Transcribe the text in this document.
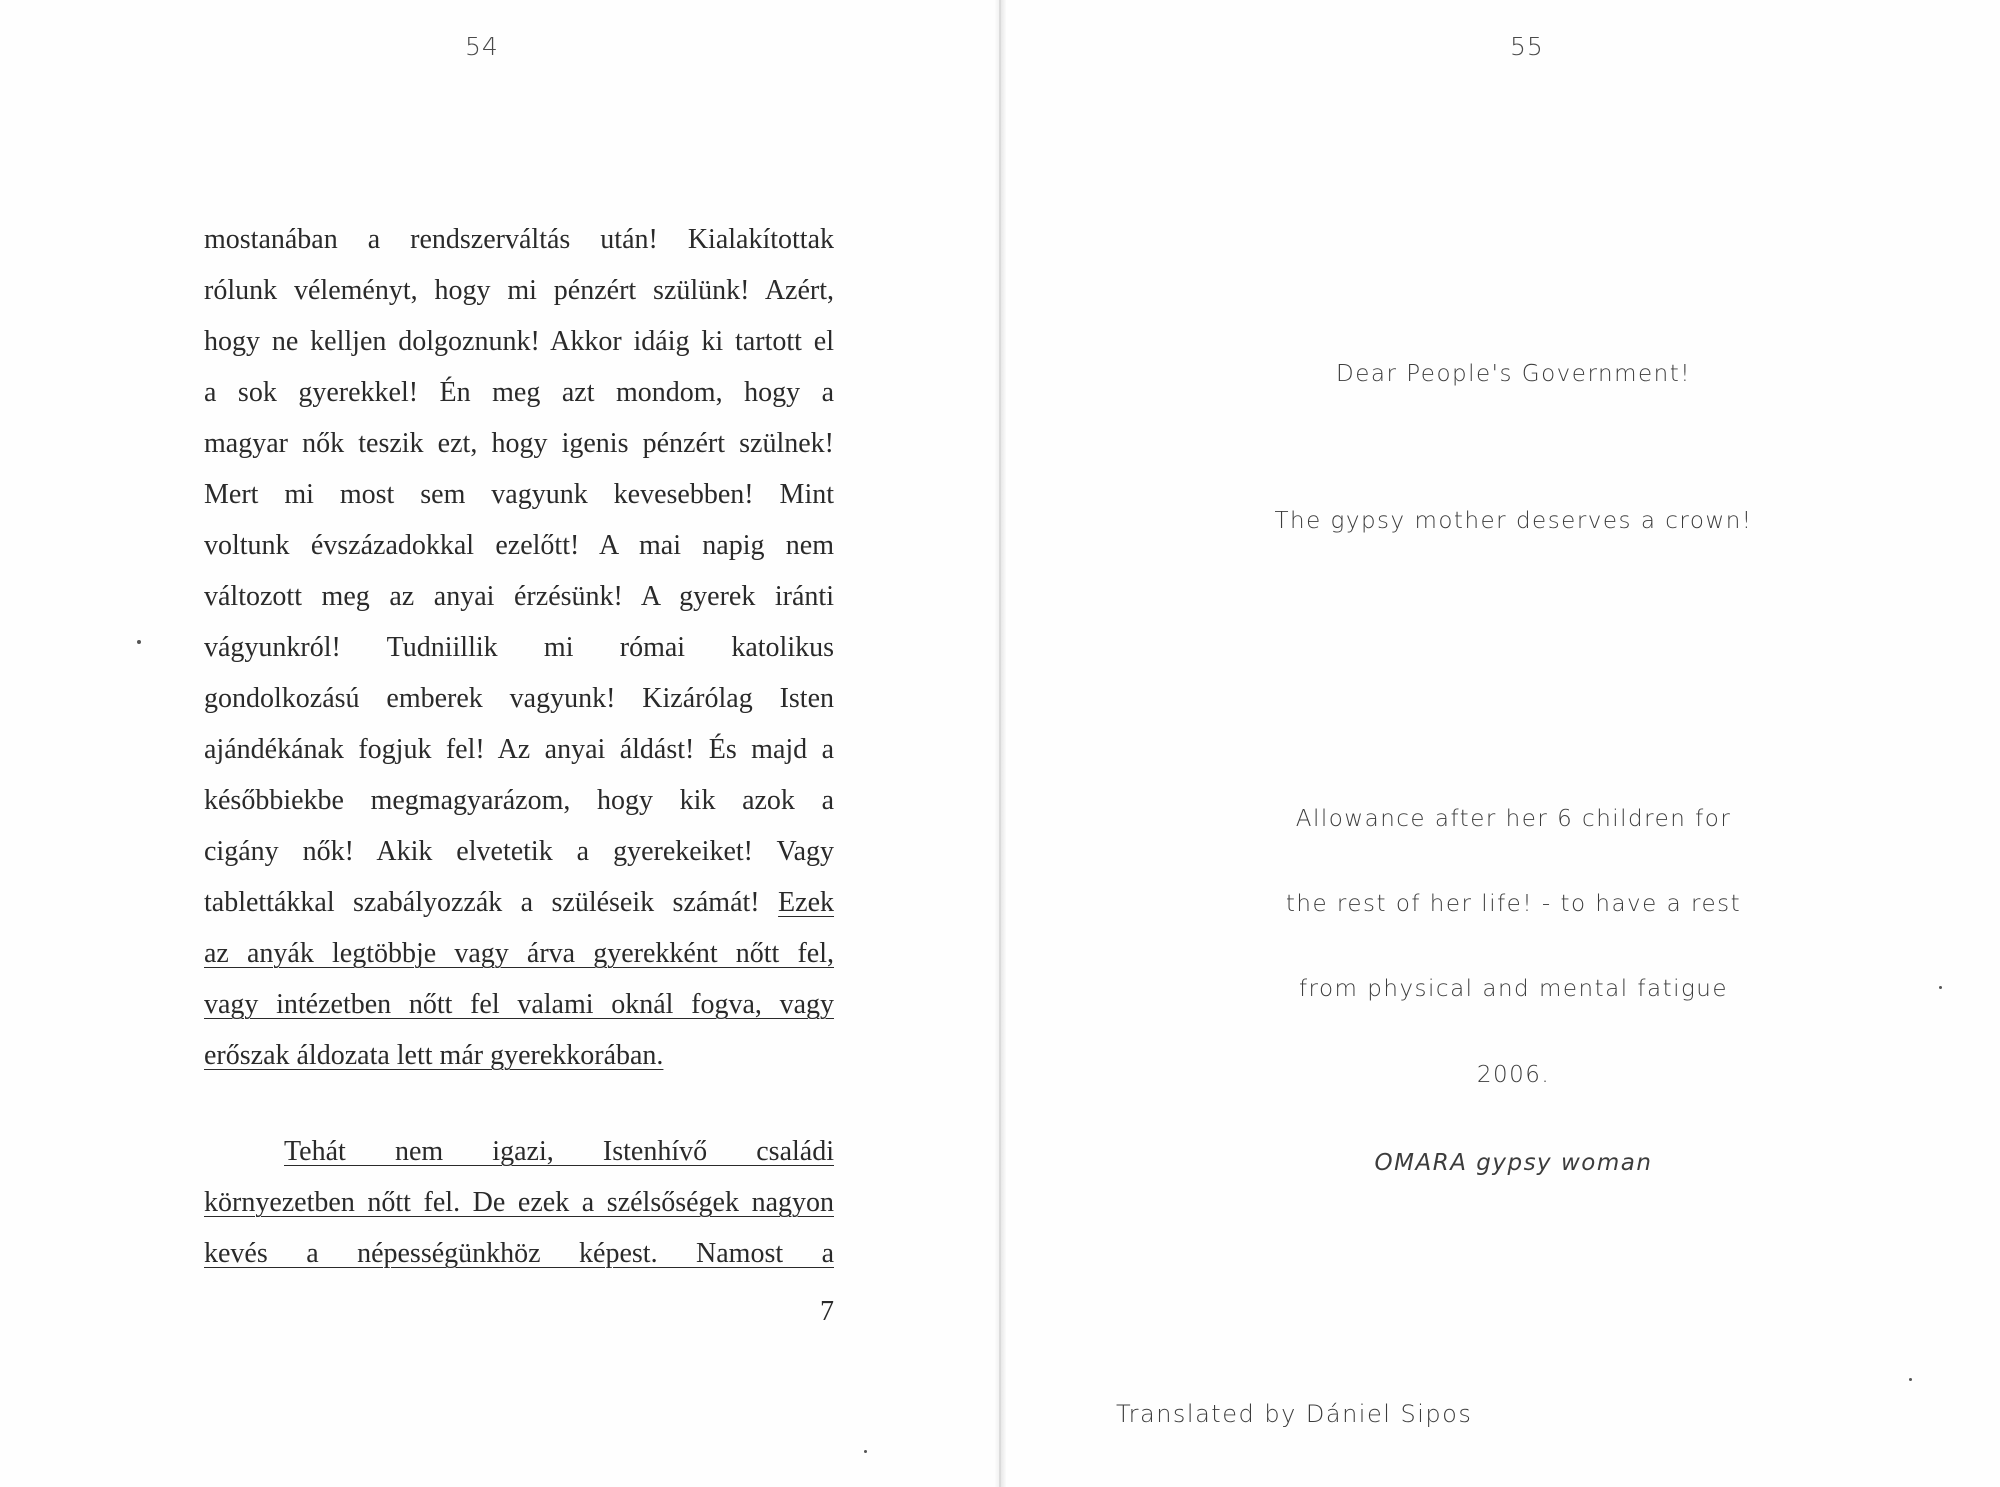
54
mostanában a rendszerváltás után! Kialakítottak
rólunk véleményt, hogy mi pénzért szülünk! Azért,
hogy ne kelljen dolgoznunk! Akkor idáig ki tartott el
a sok gyerekkel! Én meg azt mondom, hogy a
magyar nők teszik ezt, hogy igenis pénzért szülnek!
Mert mi most sem vagyunk kevesebben! Mint
voltunk évszázadokkal ezelőtt! A mai napig nem
változott meg az anyai érzésünk! A gyerek iránti
vágyunkról! Tudniillik mi római katolikus
gondolkozású emberek vagyunk! Kizárólag Isten
ajándékának fogjuk fel! Az anyai áldást! És majd a
későbbiekbe megmagyarázom, hogy kik azok a
cigány nők! Akik elvetetik a gyerekeiket! Vagy
tablettákkal szabályozzák a szüléseik számát! Ezek
az anyák legtöbbje vagy árva gyerekként nőtt fel,
vagy intézetben nőtt fel valami oknál fogva, vagy
erőszak áldozata lett már gyerekkorában.
Tehát nem igazi, Istenhívő családi
környezetben nőtt fel. De ezek a szélsőségek nagyon
kevés a népességünkhöz képest. Namost a
7
55
Dear People's Government!
The gypsy mother deserves a crown!
Allowance after her 6 children for
the rest of her life! - to have a rest
from physical and mental fatigue
2006.
OMARA gypsy woman
Translated by Dániel Sipos
